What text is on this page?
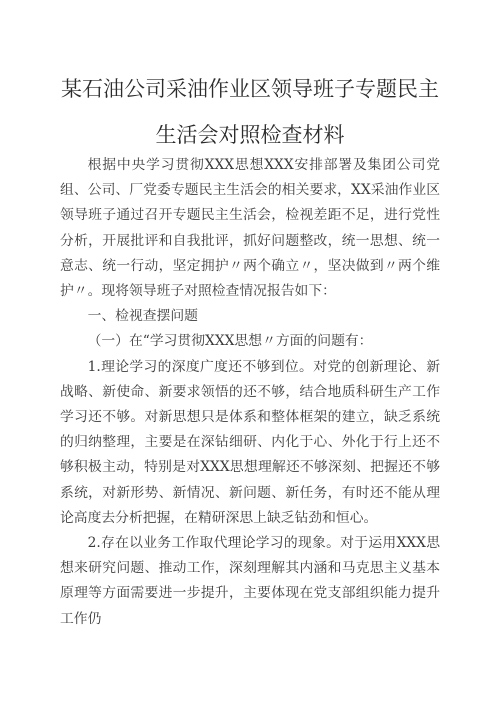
某石油公司采油作业区领导班子专题民主
生活会对照检查材料

根据中央学习贯彻XXX思想XXX安排部署及集团公司党组、公司、厂党委专题民主生活会的相关要求，XX采油作业区领导班子通过召开专题民主生活会，检视差距不足，进行党性分析，开展批评和自我批评，抓好问题整改，统一思想、统一意志、统一行动，坚定拥护〃两个确立〃，坚决做到〃两个维护〃。现将领导班子对照检查情况报告如下：

一、检视查摆问题

（一）在“学习贯彻XXX思想〃方面的问题有：

1.理论学习的深度广度还不够到位。对党的创新理论、新战略、新使命、新要求领悟的还不够，结合地质科研生产工作学习还不够。对新思想只是体系和整体框架的建立，缺乏系统的归纳整理，主要是在深钻细研、内化于心、外化于行上还不够积极主动，特别是对XXX思想理解还不够深刻、把握还不够系统，对新形势、新情况、新问题、新任务，有时还不能从理论高度去分析把握，在精研深思上缺乏钻劲和恒心。

2.存在以业务工作取代理论学习的现象。对于运用XXX思想来研究问题、推动工作，深刻理解其内涵和马克思主义基本原理等方面需要进一步提升，主要体现在党支部组织能力提升工作仍
